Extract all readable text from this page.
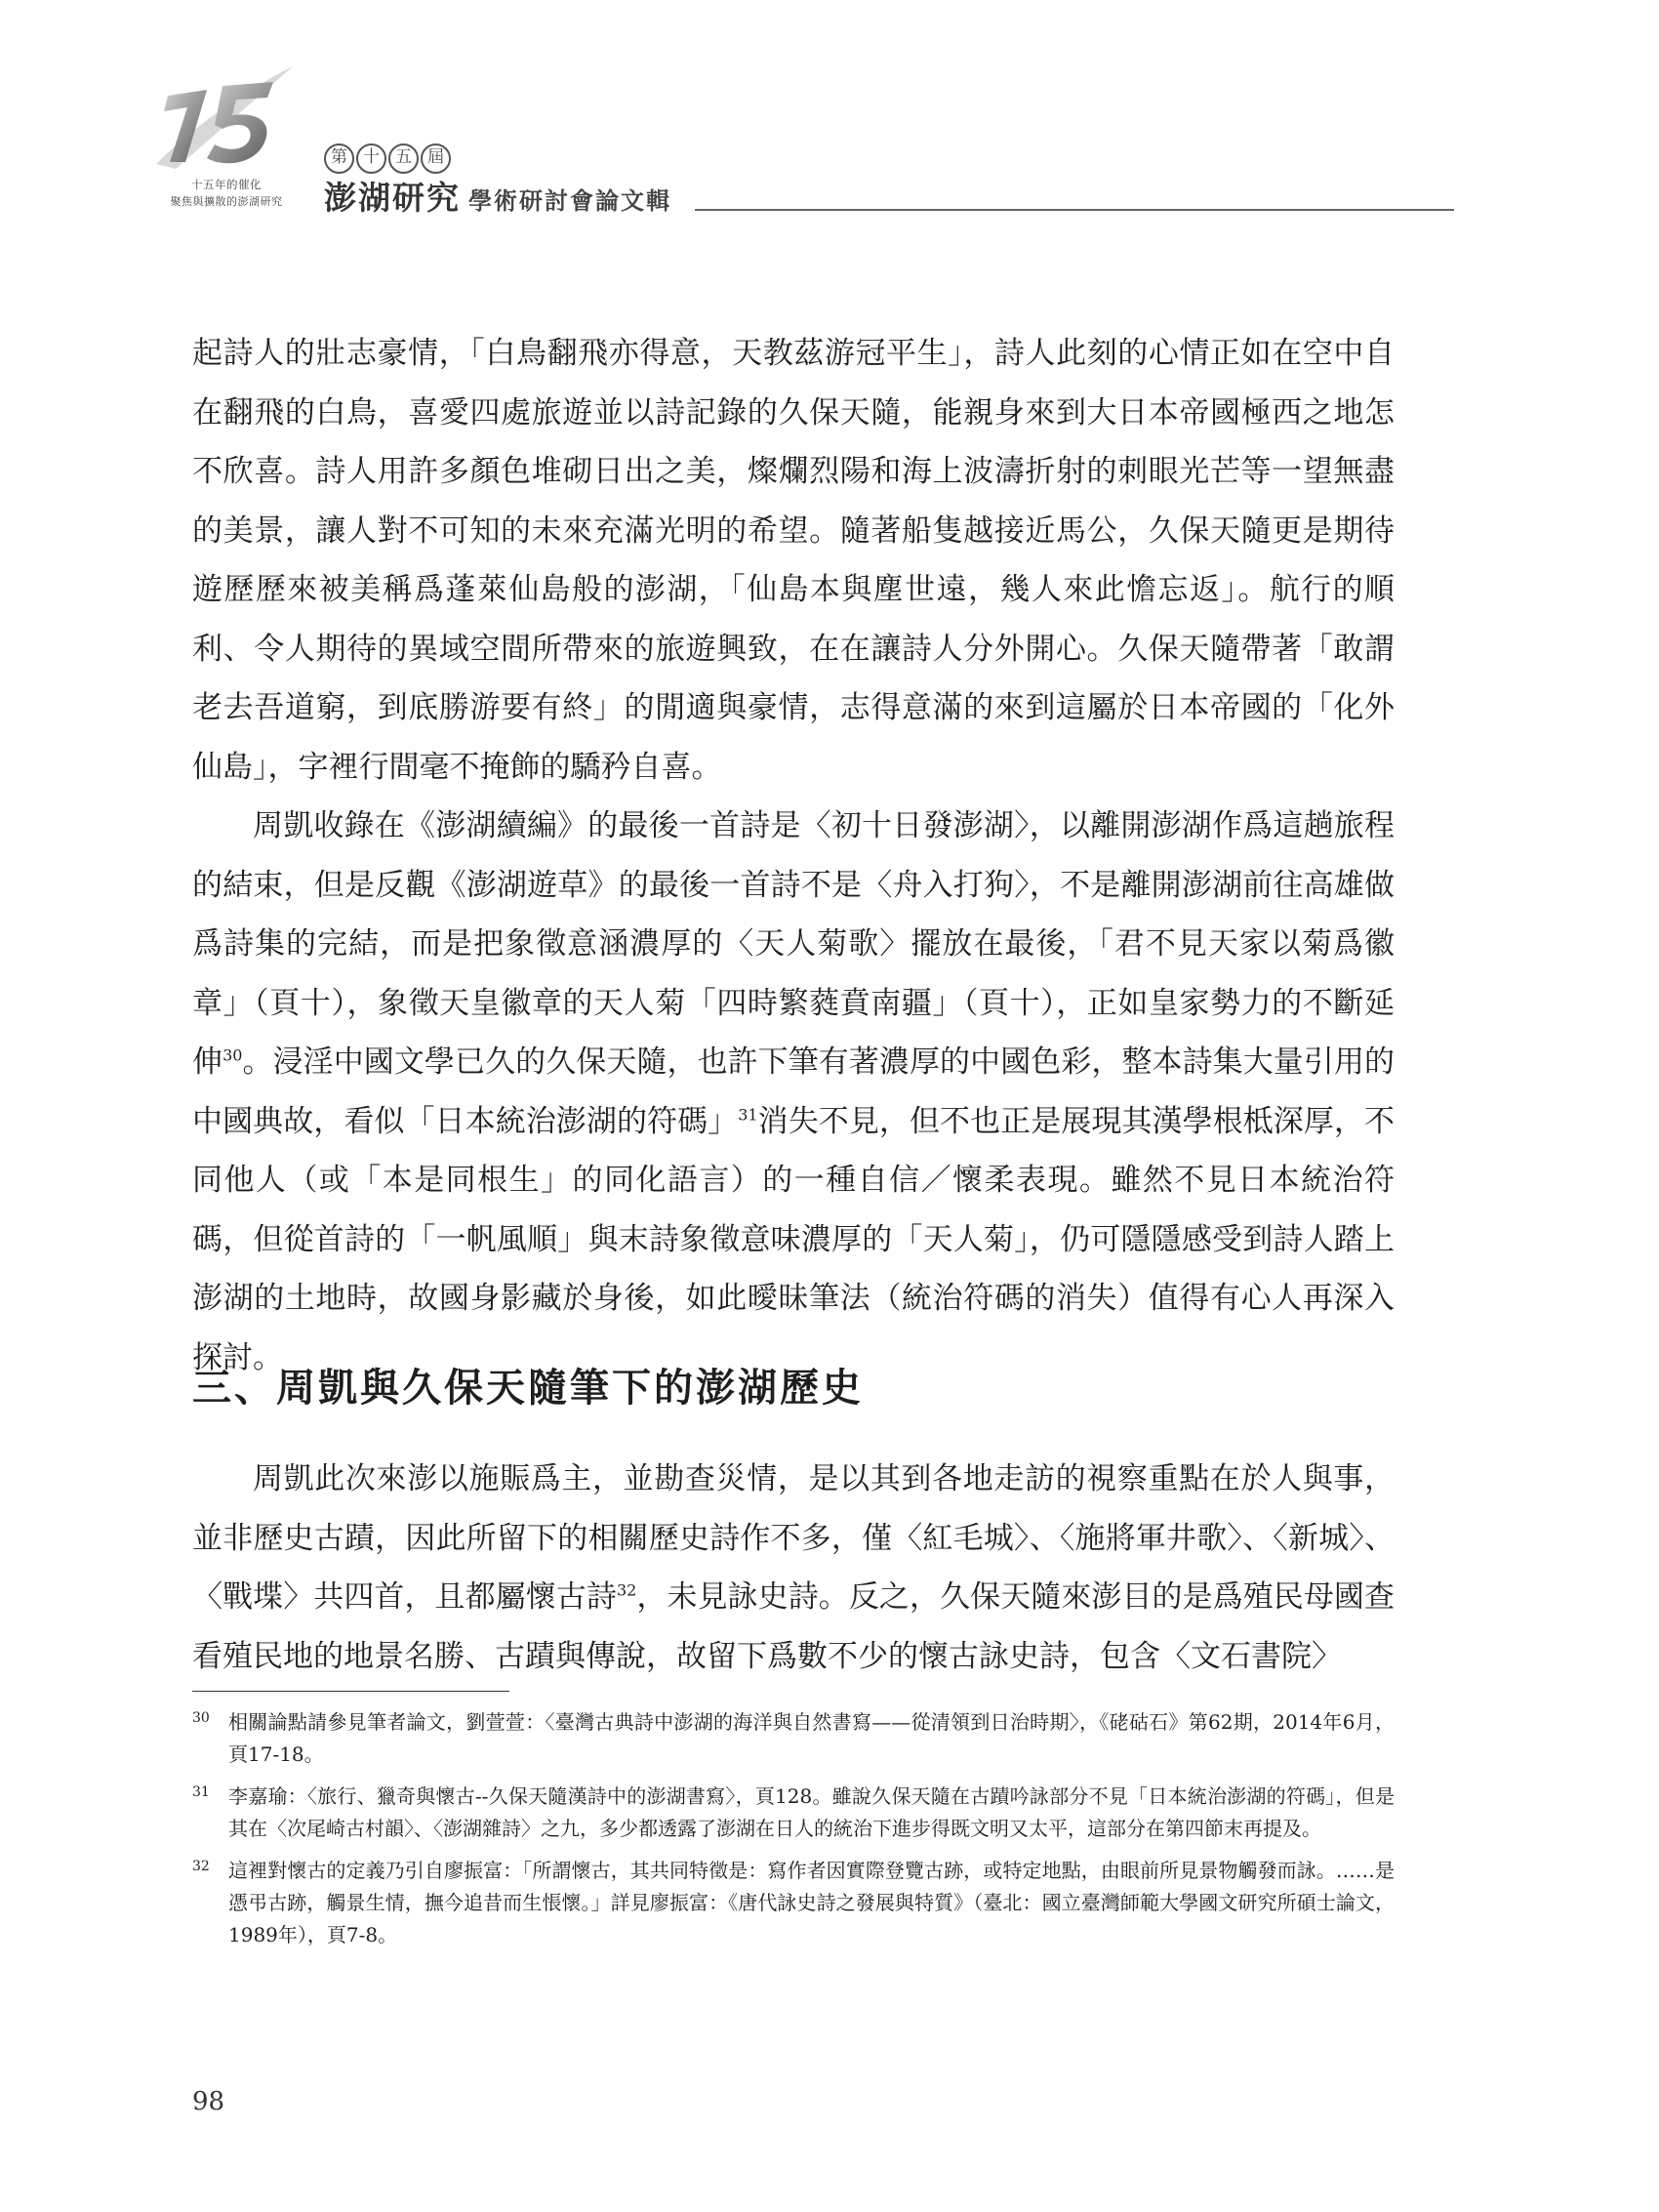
十五年的催化
聚焦與擴散的澎湖研究
第 十 五 屆
澎湖研究 學術研討會論文輯

起詩人的壯志豪情，「白鳥翻飛亦得意，天教茲游冠平生」，詩人此刻的心情正如在空中自在翻飛的白鳥，喜愛四處旅遊並以詩記錄的久保天隨，能親身來到大日本帝國極西之地怎不欣喜。詩人用許多顏色堆砌日出之美，燦爛烈陽和海上波濤折射的刺眼光芒等一望無盡的美景，讓人對不可知的未來充滿光明的希望。隨著船隻越接近馬公，久保天隨更是期待遊歷歷來被美稱爲蓬萊仙島般的澎湖，「仙島本與塵世遠，幾人來此憺忘返」。航行的順利、令人期待的異域空間所帶來的旅遊興致，在在讓詩人分外開心。久保天隨帶著「敢謂老去吾道窮，到底勝游要有終」的閒適與豪情，志得意滿的來到這屬於日本帝國的「化外仙島」，字裡行間毫不掩飾的驕矜自喜。

周凱收錄在《澎湖續編》的最後一首詩是〈初十日發澎湖〉，以離開澎湖作爲這趟旅程的結束，但是反觀《澎湖遊草》的最後一首詩不是〈舟入打狗〉，不是離開澎湖前往高雄做爲詩集的完結，而是把象徵意涵濃厚的〈天人菊歌〉擺放在最後，「君不見天家以菊爲徽章」（頁十），象徵天皇徽章的天人菊「四時繁蕤賁南疆」（頁十），正如皇家勢力的不斷延伸$^{30}$。浸淫中國文學已久的久保天隨，也許下筆有著濃厚的中國色彩，整本詩集大量引用的中國典故，看似「日本統治澎湖的符碼」$^{31}$消失不見，但不也正是展現其漢學根柢深厚，不同他人（或「本是同根生」的同化語言）的一種自信／懷柔表現。雖然不見日本統治符碼，但從首詩的「一帆風順」與末詩象徵意味濃厚的「天人菊」，仍可隱隱感受到詩人踏上澎湖的土地時，故國身影藏於身後，如此曖昧筆法（統治符碼的消失）值得有心人再深入探討。

三、周凱與久保天隨筆下的澎湖歷史

周凱此次來澎以施賑爲主，並勘查災情，是以其到各地走訪的視察重點在於人與事，並非歷史古蹟，因此所留下的相關歷史詩作不多，僅〈紅毛城〉、〈施將軍井歌〉、〈新城〉、〈戰堞〉共四首，且都屬懷古詩$^{32}$，未見詠史詩。反之，久保天隨來澎目的是爲殖民母國查看殖民地的地景名勝、古蹟與傳說，故留下爲數不少的懷古詠史詩，包含〈文石書院〉

30 相關論點請參見筆者論文，劉萱萱：〈臺灣古典詩中澎湖的海洋與自然書寫——從清領到日治時期〉，《硓𥑮石》第62期，2014年6月，頁17-18。
31 李嘉瑜：〈旅行、獵奇與懷古--久保天隨漢詩中的澎湖書寫〉，頁128。雖說久保天隨在古蹟吟詠部分不見「日本統治澎湖的符碼」，但是其在〈次尾崎古村韻〉、〈澎湖雜詩〉之九，多少都透露了澎湖在日人的統治下進步得既文明又太平，這部分在第四節末再提及。
32 這裡對懷古的定義乃引自廖振富：「所謂懷古，其共同特徵是：寫作者因實際登覽古跡，或特定地點，由眼前所見景物觸發而詠。……是憑弔古跡，觸景生情，撫今追昔而生悵懷。」詳見廖振富：《唐代詠史詩之發展與特質》（臺北：國立臺灣師範大學國文研究所碩士論文，1989年），頁7-8。
98
